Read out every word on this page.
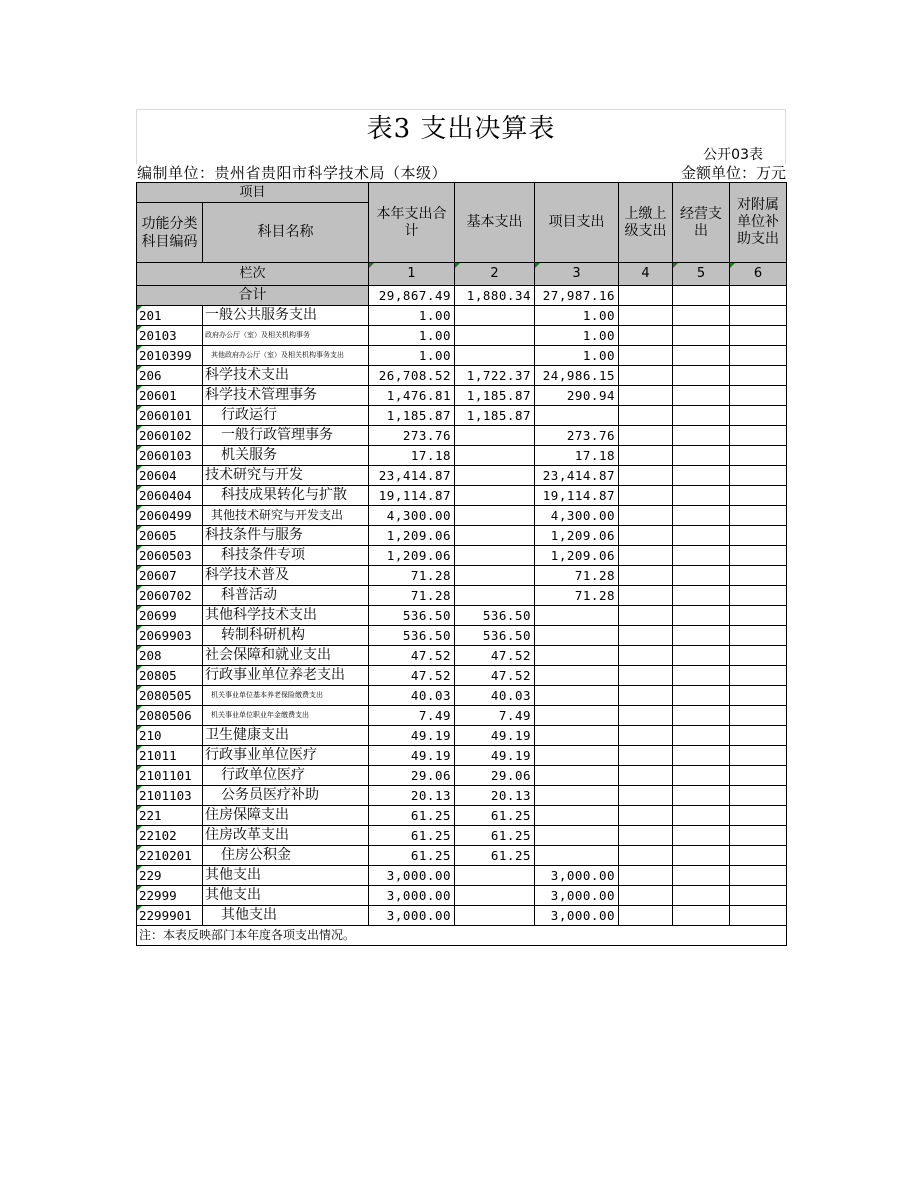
表3 支出决算表
公开03表
编制单位：贵州省贵阳市科学技术局（本级）	金额单位：万元
项目		本年支出合计	基本支出	项目支出	上缴上级支出	经营支出	对附属单位补助支出
功能分类科目编码	科目名称						
栏次		1	2	3	4	5	6
合计		29,867.49	1,880.34	27,987.16			
201	一般公共服务支出	1.00		1.00			
20103	政府办公厅（室）及相关机构事务	1.00		1.00			
2010399	其他政府办公厅（室）及相关机构事务支出	1.00		1.00			
206	科学技术支出	26,708.52	1,722.37	24,986.15			
20601	科学技术管理事务	1,476.81	1,185.87	290.94			
2060101	行政运行	1,185.87	1,185.87				
2060102	一般行政管理事务	273.76		273.76			
2060103	机关服务	17.18		17.18			
20604	技术研究与开发	23,414.87		23,414.87			
2060404	科技成果转化与扩散	19,114.87		19,114.87			
2060499	其他技术研究与开发支出	4,300.00		4,300.00			
20605	科技条件与服务	1,209.06		1,209.06			
2060503	科技条件专项	1,209.06		1,209.06			
20607	科学技术普及	71.28		71.28			
2060702	科普活动	71.28		71.28			
20699	其他科学技术支出	536.50	536.50				
2069903	转制科研机构	536.50	536.50				
208	社会保障和就业支出	47.52	47.52				
20805	行政事业单位养老支出	47.52	47.52				
2080505	机关事业单位基本养老保险缴费支出	40.03	40.03				
2080506	机关事业单位职业年金缴费支出	7.49	7.49				
210	卫生健康支出	49.19	49.19				
21011	行政事业单位医疗	49.19	49.19				
2101101	行政单位医疗	29.06	29.06				
2101103	公务员医疗补助	20.13	20.13				
221	住房保障支出	61.25	61.25				
22102	住房改革支出	61.25	61.25				
2210201	住房公积金	61.25	61.25				
229	其他支出	3,000.00		3,000.00			
22999	其他支出	3,000.00		3,000.00			
2299901	其他支出	3,000.00		3,000.00			
注：本表反映部门本年度各项支出情况。							
